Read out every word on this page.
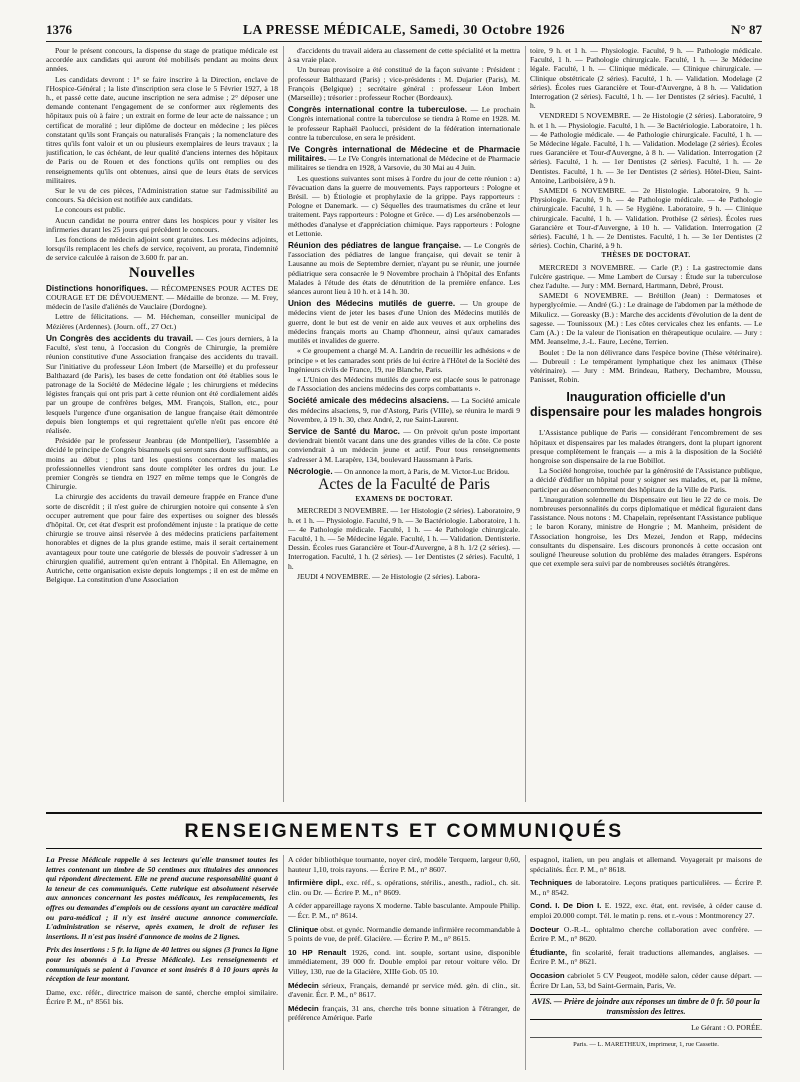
1376	LA PRESSE MÉDICALE, Samedi, 30 Octobre 1926	N° 87

Pour le présent concours, la dispense du stage de pratique médicale est accordée aux candidats qui auront été mobilisés pendant au moins deux années.

Les candidats devront : 1° se faire inscrire à la Direction, enclave de l'Hospice-Général ; la liste d'inscription sera close le 5 Février 1927, à 18 h., et passé cette date, aucune inscription ne sera admise ; 2° déposer une demande contenant l'engagement de se conformer aux règlements des hôpitaux puis où à faire ; un extrait en forme de leur acte de naissance ; un certificat de moralité ; leur diplôme de docteur en médecine ; les pièces constatant qu'ils sont Français ou naturalisés Français ; la nomenclature des titres qu'ils font valoir et un ou plusieurs exemplaires de leurs travaux ; la justification, le cas échéant, de leur qualité d'anciens internes des hôpitaux de Paris ou de Rouen et des fonctions qu'ils ont remplies ou des renseignements qu'ils ont obtenues, ainsi que de leurs états de services militaires.

Sur le vu de ces pièces, l'Administration statue sur l'admissibilité au concours. Sa décision est notifiée aux candidats.

Le concours est public.

Aucun candidat ne pourra entrer dans les hospices pour y visiter les infirmeries durant les 25 jours qui précèdent le concours.

Les fonctions de médecin adjoint sont gratuites. Les médecins adjoints, lorsqu'ils remplacent les chefs de service, reçoivent, au prorata, l'indemnité de service calculée à raison de 3.600 fr. par an.

Nouvelles

Distinctions honorifiques. — RÉCOMPENSES POUR ACTES DE COURAGE ET DE DÉVOUEMENT. — Médaille de bronze. — M. Frey, médecin de l'asile d'aliénés de Vauclaire (Dordogne).

Lettre de félicitations. — M. Hécheman, conseiller municipal de Mézières (Ardennes). (Journ. off., 27 Oct.)

Un Congrès des accidents du travail. — Ces jours derniers, à la Faculté, s'est tenu, à l'occasion du Congrès de Chirurgie, la première réunion constitutive d'une Association française des accidents du travail. Sur l'initiative du professeur Léon Imbert (de Marseille) et du professeur Balthazard (de Paris), les bases de cette fondation ont été établies sous le patronage de la Société de Médecine légale ; les chirurgiens et médecins légistes français qui ont pris part à cette réunion ont été cordialement aidés par un groupe de confrères belges, MM. François, Stallon, etc., pour lesquels l'urgence d'une organisation de langue française était démontrée depuis bien longtemps et qui regrettaient qu'elle n'eût pas encore été réalisée.

Présidée par le professeur Jeanbrau (de Montpellier), l'assemblée a décidé le principe de Congrès bisannuels qui seront sans doute suffisants, au moins au début ; plus tard les questions concernant les maladies professionnelles viendront sans doute compléter les ordres du jour. Le premier Congrès se tiendra en 1927 en même temps que le Congrès de Chirurgie.

La chirurgie des accidents du travail demeure frappée en France d'une sorte de discrédit ; il n'est guère de chirurgien notoire qui consente à s'en occuper autrement que pour faire des expertises ou soigner des blessés d'hôpital. Or, cet état d'esprit est profondément injuste : la pratique de cette chirurgie se trouve ainsi réservée à des médecins praticiens parfaitement honorables et dignes de la plus grande estime, mais il serait certainement avantageux pour toute une catégorie de blessés de pouvoir s'adresser à un chirurgien qualifié, autrement qu'en entrant à l'hôpital. En Allemagne, en Autriche, cette organisation existe depuis longtemps ; il en est de même en Belgique. La constitution d'une Association

d'accidents du travail aidera au classement de cette spécialité et la mettra à sa vraie place.

Un bureau provisoire a été constitué de la façon suivante : Président : professeur Balthazard (Paris) ; vice-présidents : M. Dujarier (Paris), M. François (Belgique) ; secrétaire général : professeur Léon Imbert (Marseille) ; trésorier : professeur Rocher (Bordeaux).

Congrès international contre la tuberculose. — Le prochain Congrès international contre la tuberculose se tiendra à Rome en 1928. M. le professeur Raphaël Paolucci, président de la fédération internationale contre la tuberculose, en sera le président.

IVe Congrès international de Médecine et de Pharmacie militaires. — Le IVe Congrès international de Médecine et de Pharmacie militaires se tiendra en 1928, à Varsovie, du 30 Mai au 4 Juin.

Les questions suivantes sont mises à l'ordre du jour de cette réunion : a) l'évacuation dans la guerre de mouvements. Pays rapporteurs : Pologne et Brésil. — b) Étiologie et prophylaxie de la grippe. Pays rapporteurs : Pologne et Danemark. — c) Séquelles des traumatismes du crâne et leur traitement. Pays rapporteurs : Pologne et Grèce. — d) Les arsénobenzols — méthodes d'analyse et d'appréciation chimique. Pays rapporteurs : Pologne et Lettonie.

Réunion des pédiatres de langue française. — Le Congrès de l'association des pédiatres de langue française, qui devait se tenir à Lausanne au mois de Septembre dernier, n'ayant pu se réunir, une journée pédiatrique sera consacrée le 9 Novembre prochain à l'hôpital des Enfants Malades à l'étude des états de dénutrition de la première enfance. Les séances auront lieu à 10 h. et à 14 h. 30.

Union des Médecins mutilés de guerre. — Un groupe de médecins vient de jeter les bases d'une Union des Médecins mutilés de guerre, dont le but est de venir en aide aux veuves et aux orphelins des médecins français morts au Champ d'honneur, ainsi qu'aux camarades mutilés et invalides de guerre.

« Ce groupement a chargé M. A. Landrin de recueillir les adhésions « de principe » et les camarades sont priés de lui écrire à l'Hôtel de la Société des Ingénieurs civils de France, 19, rue Blanche, Paris.

« L'Union des Médecins mutilés de guerre est placée sous le patronage de l'Association des anciens médecins des corps combattants ».

Société amicale des médecins alsaciens. — La Société amicale des médecins alsaciens, 9, rue d'Astorg, Paris (VIIIe), se réunira le mardi 9 Novembre, à 19 h. 30, chez André, 2, rue Saint-Laurent.

Service de Santé du Maroc. — On prévoit qu'un poste important deviendrait bientôt vacant dans une des grandes villes de la côte. Ce poste conviendrait à un médecin jeune et actif. Pour tous renseignements s'adresser à M. Larapère, 134, boulevard Haussmann à Paris.

Nécrologie. — On annonce la mort, à Paris, de M. Victor-Luc Bridou.

Actes de la Faculté de Paris
EXAMENS DE DOCTORAT.

MERCREDI 3 NOVEMBRE. — 1er Histologie (2 séries). Laboratoire, 9 h. et 1 h. — Physiologie. Faculté, 9 h. — 3e Bactériologie. Laboratoire, 1 h. — 4e Pathologie médicale. Faculté, 1 h. — 4e Pathologie chirurgicale. Faculté, 1 h. — 5e Médecine légale. Faculté, 1 h. — Validation. Dentisterie. Dessin. Écoles rues Garancière et Tour-d'Auvergne, à 8 h. 1/2 (2 séries). — Interrogation. Faculté, 1 h. (2 séries). — 1er Dentistes (2 séries). Faculté, 1 h.

JEUDI 4 NOVEMBRE. — 2e Histologie (2 séries). Labora-

toire, 9 h. et 1 h. — Physiologie. Faculté, 9 h. — Pathologie médicale. Faculté, 1 h. — Pathologie chirurgicale. Faculté, 1 h. — 3e Médecine légale. Faculté, 1 h. — Clinique médicale. — Clinique chirurgicale. — Clinique obstétricale (2 séries). Faculté, 1 h. — Validation. Modelage (2 séries). Écoles rues Garancière et Tour-d'Auvergne, à 8 h. — Validation Interrogation (2 séries). Faculté, 1 h. — 1er Dentistes (2 séries). Faculté, 1 h.

VENDREDI 5 NOVEMBRE. — 2e Histologie (2 séries). Laboratoire, 9 h. et 1 h. — Physiologie. Faculté, 1 h. — 3e Bactériologie. Laboratoire, 1 h. — 4e Pathologie médicale. — 4e Pathologie chirurgicale. Faculté, 1 h. — 5e Médecine légale. Faculté, 1 h. — Validation. Modelage (2 séries). Écoles rues Garancière et Tour-d'Auvergne, à 8 h. — Validation. Interrogation (2 séries). Faculté, 1 h. — 1er Dentistes (2 séries). Faculté, 1 h. — 2e Dentistes. Faculté, 1 h. — 3e 1er Dentistes (2 séries). Hôtel-Dieu, Saint-Antoine, Lariboisière, à 9 h.

SAMEDI 6 NOVEMBRE. — 2e Histologie. Laboratoire, 9 h. — Physiologie. Faculté, 9 h. — 4e Pathologie médicale. — 4e Pathologie chirurgicale. Faculté, 1 h. — 5e Hygiène. Laboratoire, 9 h. — Clinique chirurgicale. Faculté, 1 h. — Validation. Prothèse (2 séries). Écoles rues Garancière et Tour-d'Auvergne, à 10 h. — Validation. Interrogation (2 séries). Faculté, 1 h. — 2e Dentistes. Faculté, 1 h. — 3e 1er Dentistes (2 séries). Cochin, Charité, à 9 h.

THÈSES DE DOCTORAT.

MERCREDI 3 NOVEMBRE. — Carle (P.) : La gastrectomie dans l'ulcère gastrique. — Mme Lambert de Cursay : Étude sur la tuberculose chez l'adulte. — Jury : MM. Bernard, Hartmann, Debré, Proust.

SAMEDI 6 NOVEMBRE. — Brétillon (Jean) : Dermatoses et hyperglycémie. — André (G.) : Le drainage de l'abdomen par la méthode de Mikulicz. — Goreasky (B.) : Marche des accidents d'évolution de la dent de sagesse. — Tounissoux (M.) : Les côtes cervicales chez les enfants. — Le Cam (A.) : De la valeur de l'ionisation en thérapeutique oculaire. — Jury : MM. Jeanselme, J.-L. Faure, Lecène, Terrien.

Boulet : De la non délivrance dans l'espèce bovine (Thèse vétérinaire). — Dubreuil : Le tempérament lymphatique chez les animaux (Thèse vétérinaire). — Jury : MM. Brindeau, Rathery, Dechambre, Moussu, Panisset, Robin.

Inauguration officielle d'un dispensaire pour les malades hongrois

L'Assistance publique de Paris — considérant l'encombrement de ses hôpitaux et dispensaires par les malades étrangers, dont la plupart ignorent presque complètement le français — a mis à la disposition de la Société hongroise son dispensaire de la rue Bobillot.

La Société hongroise, touchée par la générosité de l'Assistance publique, a décidé d'édifier un hôpital pour y soigner ses malades, et, par là même, participer au désencombrement des hôpitaux de la Ville de Paris.

L'inauguration solennelle du Dispensaire eut lieu le 22 de ce mois. De nombreuses personnalités du corps diplomatique et médical figuraient dans l'assistance. Nous notons : M. Chapelain, représentant l'Assistance publique ; le baron Korany, ministre de Hongrie ; M. Manheim, président de l'Association hongroise, les Drs Mezei, Jendon et Rapp, médecins consultants du dispensaire. Les discours prononcés à cette occasion ont souligné l'heureuse solution du problème des malades étrangers. Espérons que cet exemple sera suivi par de nombreuses sociétés étrangères.

RENSEIGNEMENTS ET COMMUNIQUÉS

La Presse Médicale rappelle à ses lecteurs qu'elle transmet toutes les lettres contenant un timbre de 50 centimes aux titulaires des annonces qui répondent directement. Elle ne prend aucune responsabilité quant à la teneur de ces communiqués. Cette rubrique est absolument réservée aux annonces concernant les postes médicaux, les remplacements, les offres ou demandes d'emplois ou de cessions ayant un caractère médical ou para-médical ; il n'y est inséré aucune annonce commerciale. L'administration se réserve, après examen, le droit de refuser les insertions. Il n'est pas inséré d'annonce de moins de 2 lignes.

Prix des insertions : 5 fr. la ligne de 40 lettres ou signes (3 francs la ligne pour les abonnés à La Presse Médicale). Les renseignements et communiqués se paient à l'avance et sont insérés 8 à 10 jours après la réception de leur montant.

Dame, exc. référ., directrice maison de santé, cherche emploi similaire. Écrire P. M., n° 8561 bis.

A céder bibliothèque tournante, noyer ciré, modèle Terquem, largeur 0,60, hauteur 1,10, trois rayons. — Écrire P. M., n° 8607.

Infirmière dipl., exc. réf., s. opérations, stérilis., anesth., radiol., ch. sit. clin. ou Dr. — Écrire P. M., n° 8609.

A céder appareillage rayons X moderne. Table basculante. Ampoule Philip. — Écr. P. M., n° 8614.

Clinique obst. et gynéc. Normandie demande infirmière recommandable à 5 points de vue, de préf. Glacière. — Écrire P. M., n° 8615.

10 HP Renault 1926, cond. int. souple, sortant usine, disponible immédiatement, 39 000 fr. Double emploi par retour voiture vélo. Dr Villey, 130, rue de la Glacière, XIIIe Gob. 05 10.

Médecin sérieux, Français, demandé pr service méd. gén. di clin., sit. d'avenir. Écr. P. M., n° 8617.

Médecin français, 31 ans, cherche très bonne situation à l'étranger, de préférence Amérique. Parle

espagnol, italien, un peu anglais et allemand. Voyagerait pr maisons de spécialités. Écr. P. M., n° 8618.

Techniques de laboratoire. Leçons pratiques particulières. — Écrire P. M., n° 8542.

Cond. I. De Dion I. E. 1922, exc. état, ent. revisée, à céder cause d. emploi 20.000 compt. Tél. le matin p. rens. et r.-vous : Montmorency 27.

Docteur O.-R.-L. ophtalmo cherche collaboration avec confrère. — Écrire P. M., n° 8620.

Étudiante, fin scolarité, ferait traductions allemandes, anglaises. — Écrire P. M., n° 8621.

Occasion cabriolet 5 CV Peugeot, modèle salon, céder cause départ. — Écrire Dr Lan, 53, bd Saint-Germain, Paris, Ve.

AVIS. — Prière de joindre aux réponses un timbre de 0 fr. 50 pour la transmission des lettres.
Le Gérant : O. PORÉE.
Paris. — L. MARETHEUX, imprimeur, 1, rue Cassette.
